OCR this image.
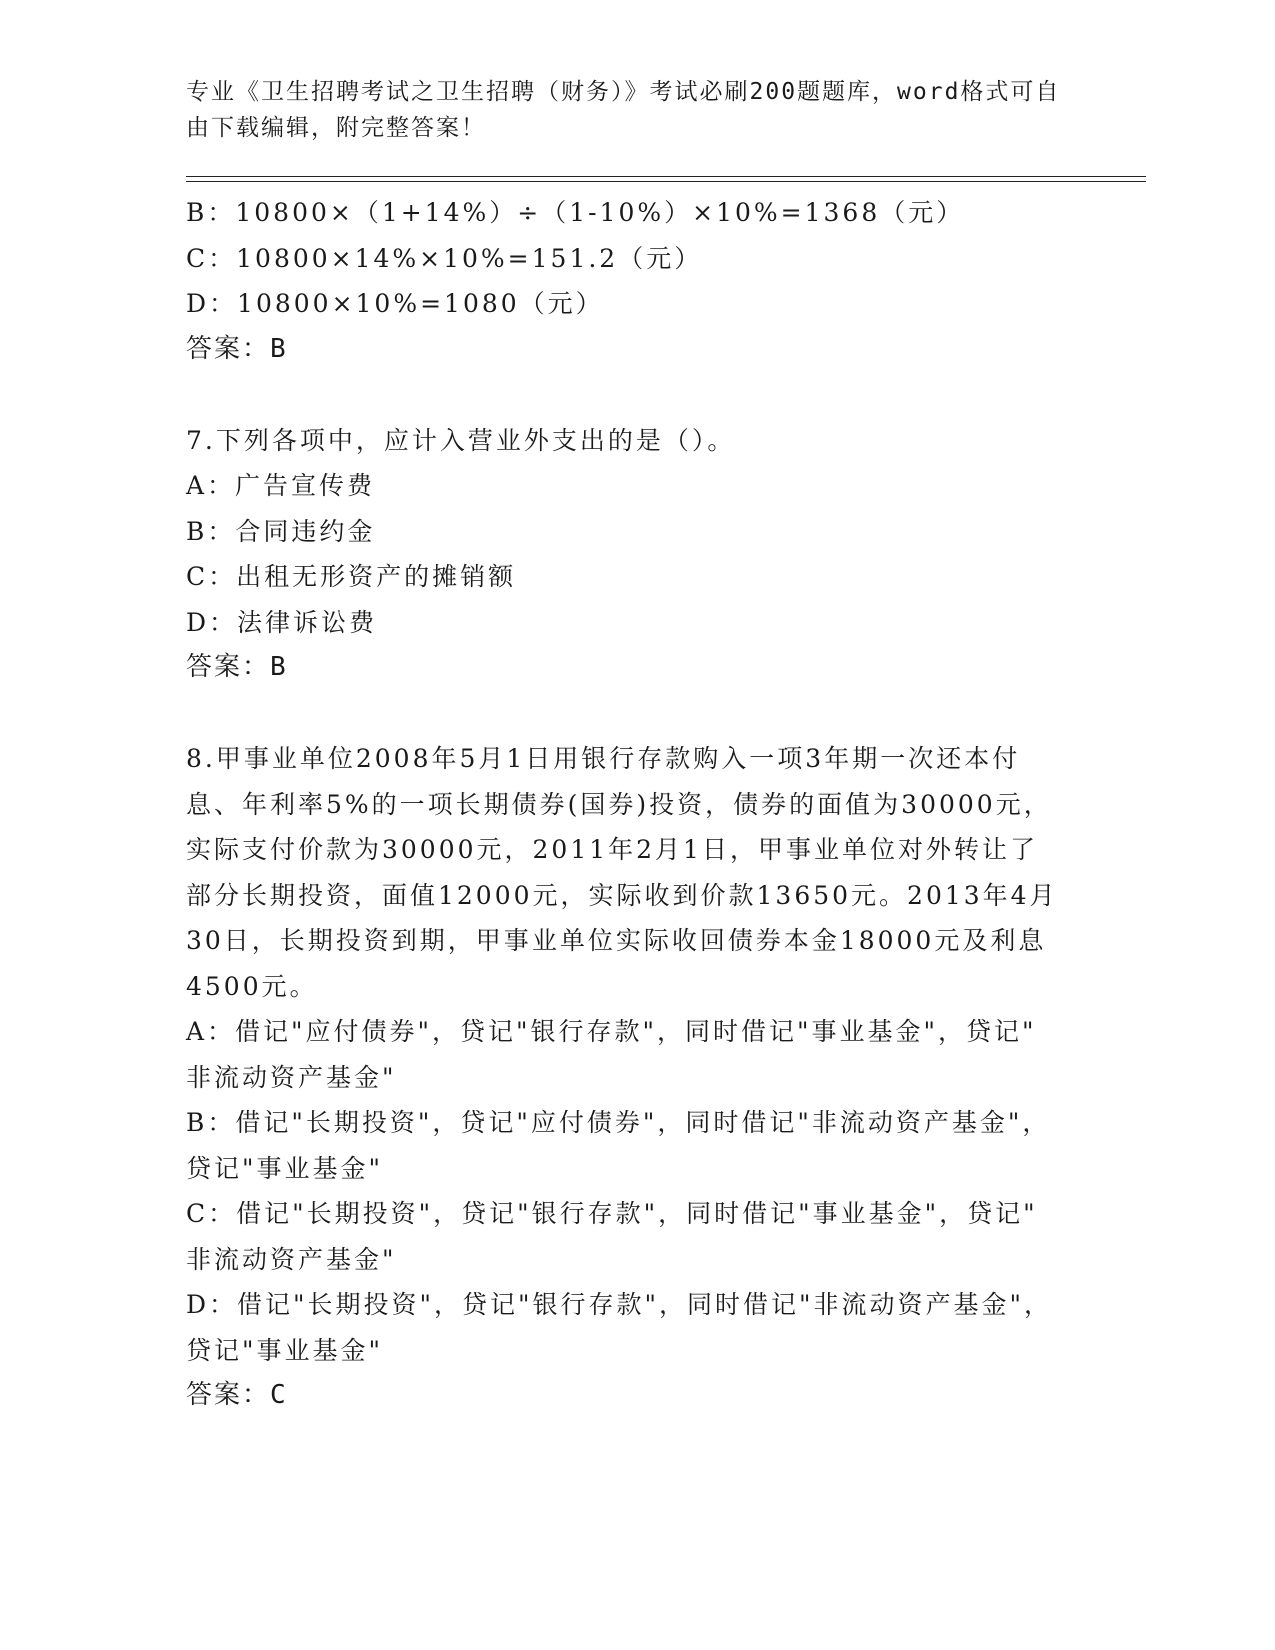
专业《卫生招聘考试之卫生招聘（财务）》考试必刷200题题库，word格式可自
由下载编辑，附完整答案！
B：10800×（1+14%）÷（1-10%）×10%=1368（元）
C：10800×14%×10%=151.2（元）
D：10800×10%=1080（元）
答案：B
7.下列各项中，应计入营业外支出的是（）。
A：广告宣传费
B：合同违约金
C：出租无形资产的摊销额
D：法律诉讼费
答案：B
8.甲事业单位2008年5月1日用银行存款购入一项3年期一次还本付
息、年利率5%的一项长期债券(国券)投资，债券的面值为30000元，
实际支付价款为30000元，2011年2月1日，甲事业单位对外转让了
部分长期投资，面值12000元，实际收到价款13650元。2013年4月
30日，长期投资到期，甲事业单位实际收回债券本金18000元及利息
4500元。
A：借记"应付债券"，贷记"银行存款"，同时借记"事业基金"，贷记"
非流动资产基金"
B：借记"长期投资"，贷记"应付债券"，同时借记"非流动资产基金"，
贷记"事业基金"
C：借记"长期投资"，贷记"银行存款"，同时借记"事业基金"，贷记"
非流动资产基金"
D：借记"长期投资"，贷记"银行存款"，同时借记"非流动资产基金"，
贷记"事业基金"
答案：C
